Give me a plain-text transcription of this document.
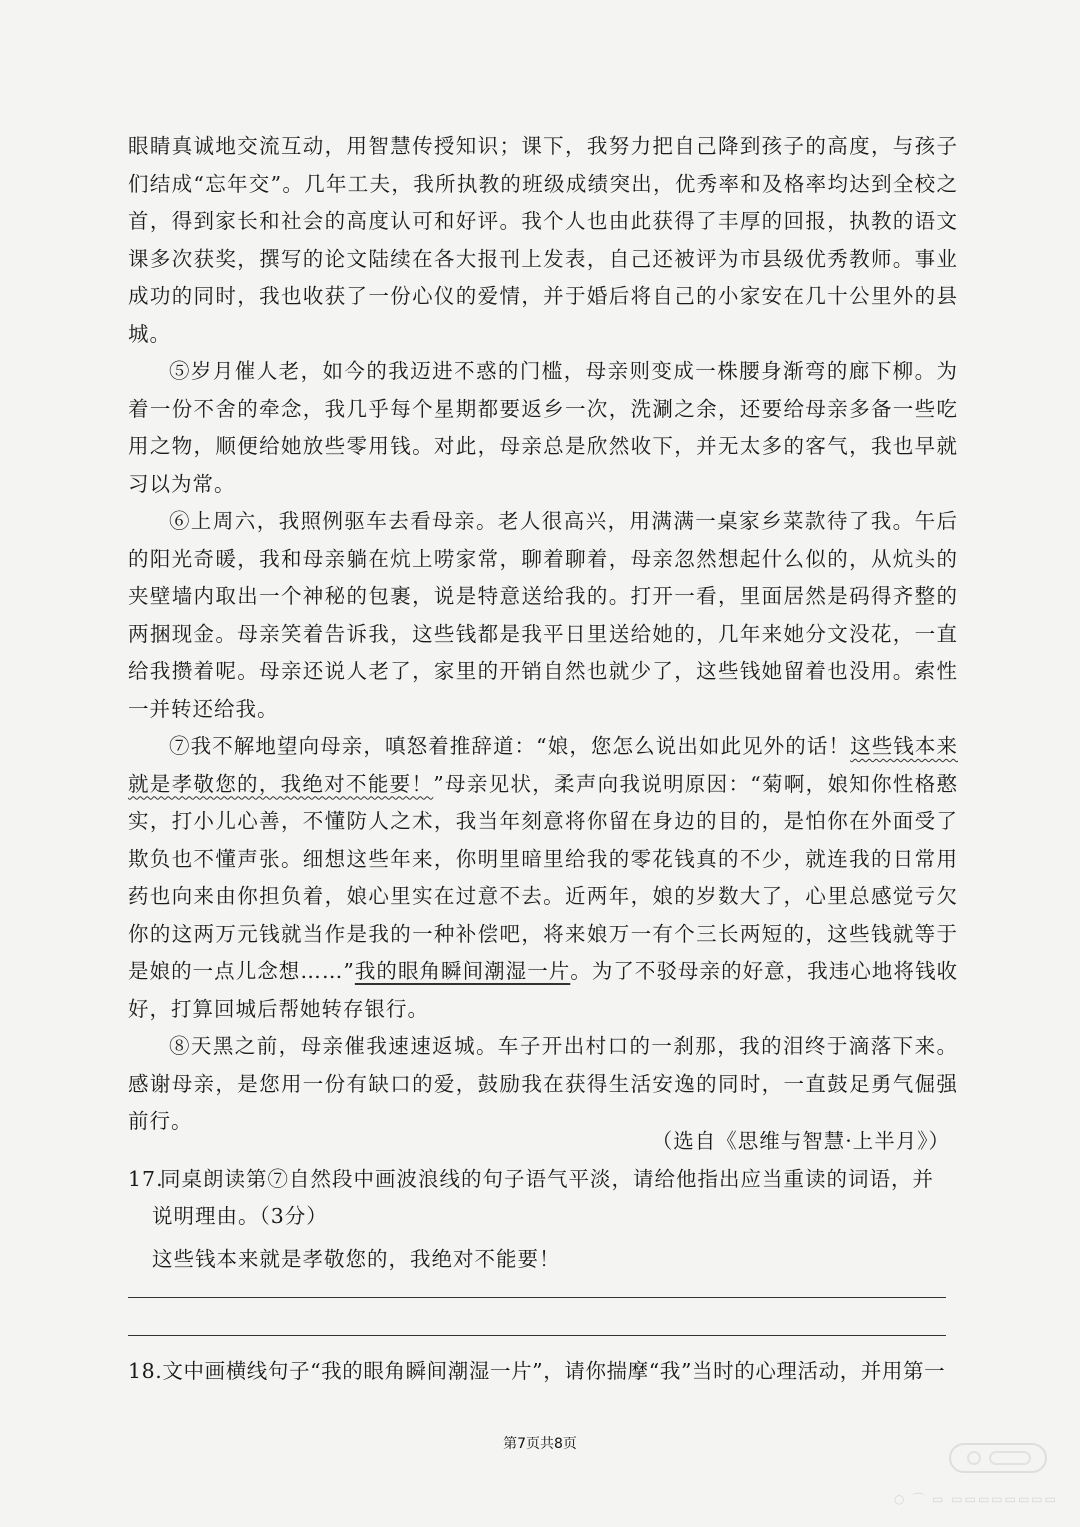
眼睛真诚地交流互动，用智慧传授知识；课下，我努力把自己降到孩子的高度，与孩子们结成“忘年交”。几年工夫，我所执教的班级成绩突出，优秀率和及格率均达到全校之首，得到家长和社会的高度认可和好评。我个人也由此获得了丰厚的回报，执教的语文课多次获奖，撰写的论文陆续在各大报刊上发表，自己还被评为市县级优秀教师。事业成功的同时，我也收获了一份心仪的爱情，并于婚后将自己的小家安在几十公里外的县城。

⑤岁月催人老，如今的我迈进不惑的门槛，母亲则变成一株腰身渐弯的廊下柳。为着一份不舍的牵念，我几乎每个星期都要返乡一次，洗涮之余，还要给母亲多备一些吃用之物，顺便给她放些零用钱。对此，母亲总是欣然收下，并无太多的客气，我也早就习以为常。

⑥上周六，我照例驱车去看母亲。老人很高兴，用满满一桌家乡菜款待了我。午后的阳光奇暖，我和母亲躺在炕上唠家常，聊着聊着，母亲忽然想起什么似的，从炕头的夹壁墙内取出一个神秘的包裹，说是特意送给我的。打开一看，里面居然是码得齐整的两捆现金。母亲笑着告诉我，这些钱都是我平日里送给她的，几年来她分文没花，一直给我攒着呢。母亲还说人老了，家里的开销自然也就少了，这些钱她留着也没用。索性一并转还给我。

⑦我不解地望向母亲，嗔怒着推辞道：“娘，您怎么说出如此见外的话！这些钱本来就是孝敬您的，我绝对不能要！”母亲见状，柔声向我说明原因：“菊啊，娘知你性格憨实，打小儿心善，不懂防人之术，我当年刻意将你留在身边的目的，是怕你在外面受了欺负也不懂声张。细想这些年来，你明里暗里给我的零花钱真的不少，就连我的日常用药也向来由你担负着，娘心里实在过意不去。近两年，娘的岁数大了，心里总感觉亏欠你的这两万元钱就当作是我的一种补偿吧，将来娘万一有个三长两短的，这些钱就等于是娘的一点儿念想……”我的眼角瞬间潮湿一片。为了不驳母亲的好意，我违心地将钱收好，打算回城后帮她转存银行。

⑧天黑之前，母亲催我速速返城。车子开出村口的一刹那，我的泪终于滴落下来。感谢母亲，是您用一份有缺口的爱，鼓励我在获得生活安逸的同时，一直鼓足勇气倔强前行。

（选自《思维与智慧·上半月》）
17.同桌朗读第⑦自然段中画波浪线的句子语气平淡，请给他指出应当重读的词语，并
说明理由。（3分）
这些钱本来就是孝敬您的，我绝对不能要！
18.文中画横线句子“我的眼角瞬间潮湿一片”，请你揣摩“我”当时的心理活动，并用第一
第7页共8页
○ ⌒ ▭ ▭▭▭▭▭▭▭▭
